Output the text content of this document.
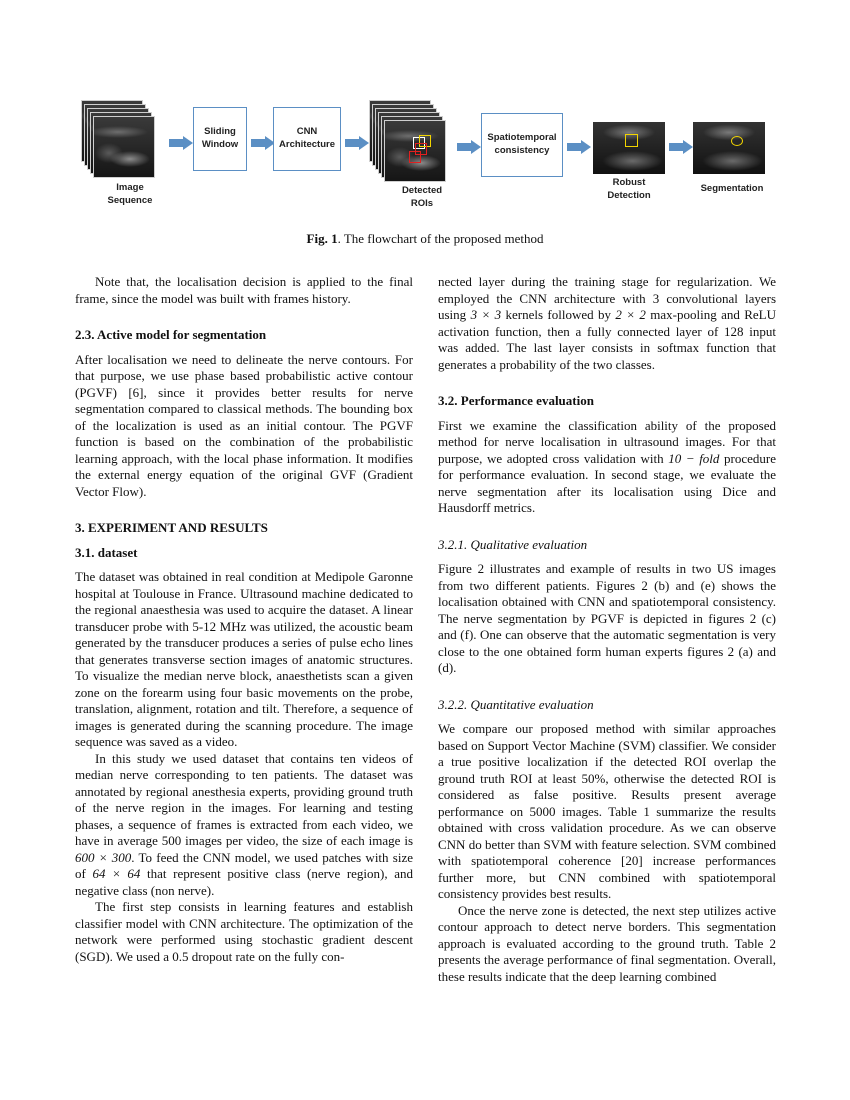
Image
Sequence
Sliding
Window
CNN
Architecture
Detected
ROIs
Spatiotemporal
consistency
Robust
Detection
Segmentation
Fig. 1. The flowchart of the proposed method

Note that, the localisation decision is applied to the final frame, since the model was built with frames history.

2.3. Active model for segmentation

After localisation we need to delineate the nerve contours. For that purpose, we use phase based probabilistic active contour (PGVF) [6], since it provides better results for nerve segmentation compared to classical methods. The bounding box of the localization is used as an initial contour. The PGVF function is based on the combination of the probabilistic learning approach, with the local phase information. It modifies the external energy equation of the original GVF (Gradient Vector Flow).

3. EXPERIMENT AND RESULTS

3.1. dataset

The dataset was obtained in real condition at Medipole Garonne hospital at Toulouse in France. Ultrasound machine dedicated to the regional anaesthesia was used to acquire the dataset. A linear transducer probe with 5-12 MHz was utilized, the acoustic beam generated by the transducer produces a series of pulse echo lines that generates transverse section images of anatomic structures. To visualize the median nerve block, anaesthetists scan a given zone on the forearm using four basic movements on the probe, translation, alignment, rotation and tilt. Therefore, a sequence of images is generated during the scanning procedure. The image sequence was saved as a video.

In this study we used dataset that contains ten videos of median nerve corresponding to ten patients. The dataset was annotated by regional anesthesia experts, providing ground truth of the nerve region in the images. For learning and testing phases, a sequence of frames is extracted from each video, we have in average 500 images per video, the size of each image is 600 × 300. To feed the CNN model, we used patches with size of 64 × 64 that represent positive class (nerve region), and negative class (non nerve).

The first step consists in learning features and establish classifier model with CNN architecture. The optimization of the network were performed using stochastic gradient descent (SGD). We used a 0.5 dropout rate on the fully con-

nected layer during the training stage for regularization. We employed the CNN architecture with 3 convolutional layers using 3 × 3 kernels followed by 2 × 2 max-pooling and ReLU activation function, then a fully connected layer of 128 input was added. The last layer consists in softmax function that generates a probability of the two classes.

3.2. Performance evaluation

First we examine the classification ability of the proposed method for nerve localisation in ultrasound images. For that purpose, we adopted cross validation with 10 − fold procedure for performance evaluation. In second stage, we evaluate the nerve segmentation after its localisation using Dice and Hausdorff metrics.

3.2.1. Qualitative evaluation

Figure 2 illustrates and example of results in two US images from two different patients. Figures 2 (b) and (e) shows the localisation obtained with CNN and spatiotemporal consistency. The nerve segmentation by PGVF is depicted in figures 2 (c) and (f). One can observe that the automatic segmentation is very close to the one obtained form human experts figures 2 (a) and (d).

3.2.2. Quantitative evaluation

We compare our proposed method with similar approaches based on Support Vector Machine (SVM) classifier. We consider a true positive localization if the detected ROI overlap the ground truth ROI at least 50%, otherwise the detected ROI is considered as false positive. Results present average performance on 5000 images. Table 1 summarize the results obtained with cross validation procedure. As we can observe CNN do better than SVM with feature selection. SVM combined with spatiotemporal coherence [20] increase performances further more, but CNN combined with spatiotemporal consistency provides best results.

Once the nerve zone is detected, the next step utilizes active contour approach to detect nerve borders. This segmentation approach is evaluated according to the ground truth. Table 2 presents the average performance of final segmentation. Overall, these results indicate that the deep learning combined
